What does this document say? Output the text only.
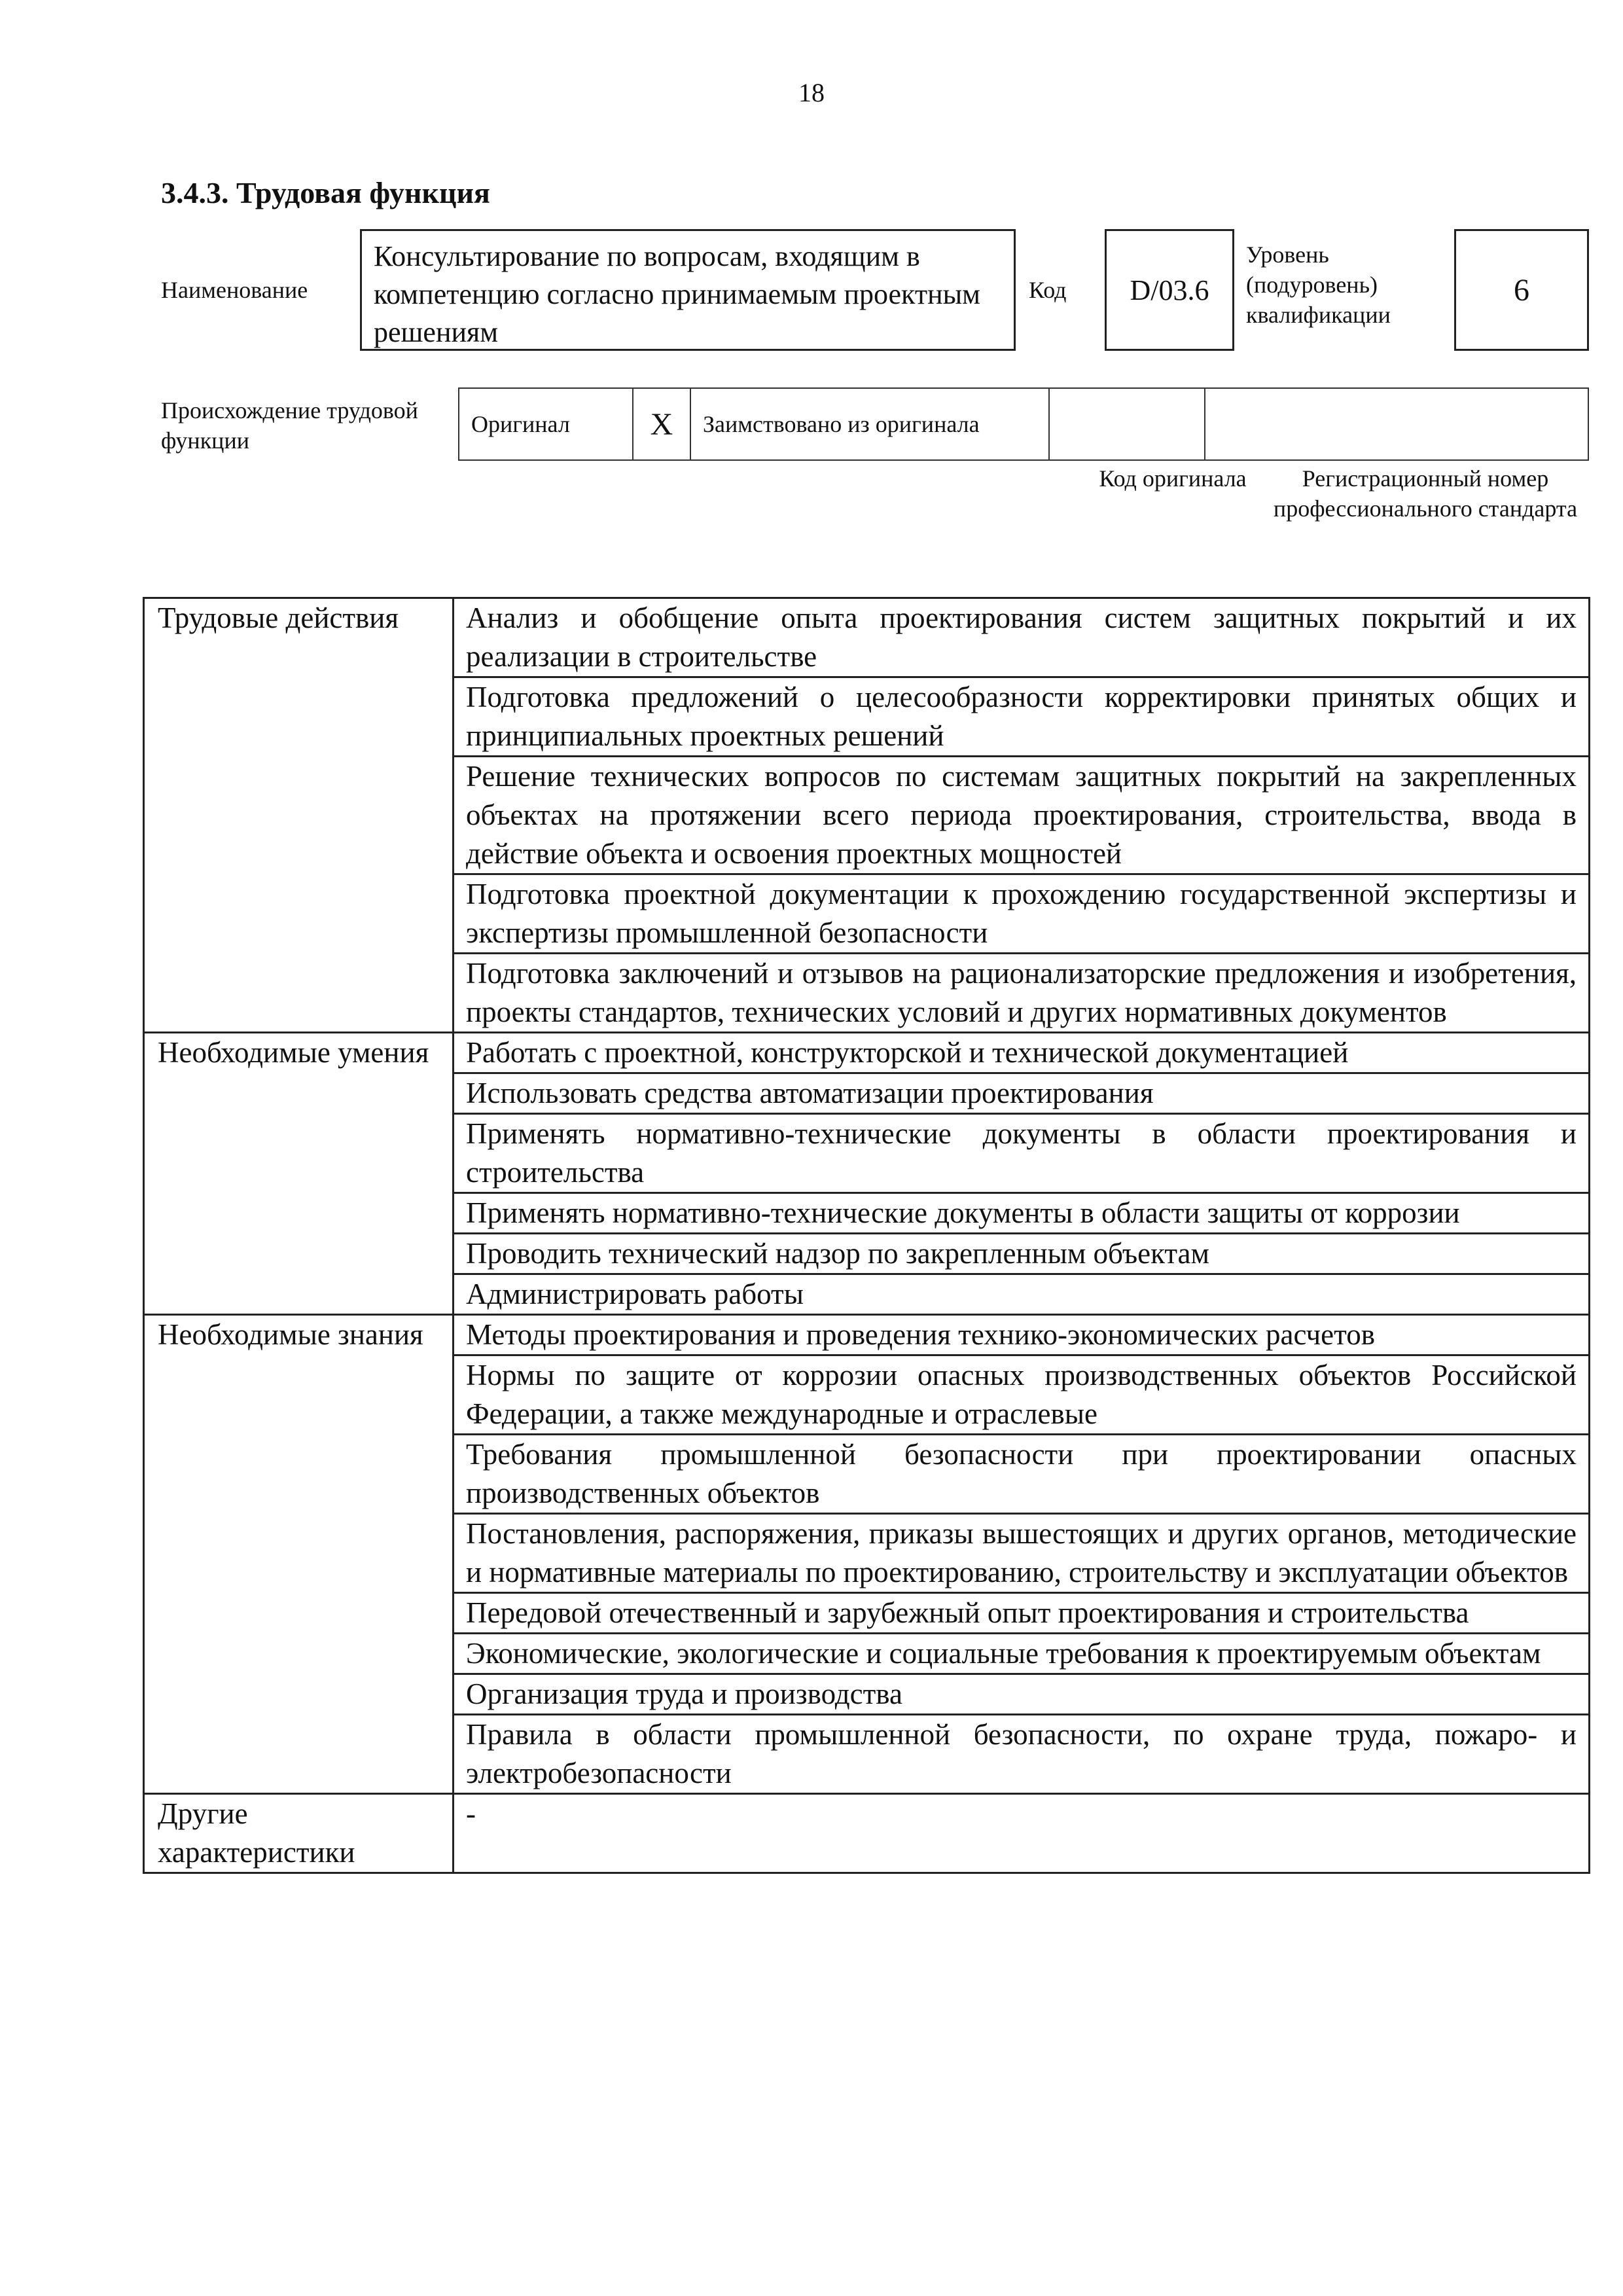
18
3.4.3. Трудовая функция
Наименование
Консультирование по вопросам, входящим в компетенцию согласно принимаемым проектным решениям
Код D/03.6
Уровень (подуровень) квалификации
6
Происхождение трудовой функции
Оригинал	X	Заимствовано из оригинала		
Код оригинала	Регистрационный номер профессионального стандарта
Трудовые действия	Анализ и обобщение опыта проектирования систем защитных покрытий и их реализации в строительстве
	Подготовка предложений о целесообразности корректировки принятых общих и принципиальных проектных решений
	Решение технических вопросов по системам защитных покрытий на закрепленных объектах на протяжении всего периода проектирования, строительства, ввода в действие объекта и освоения проектных мощностей
	Подготовка проектной документации к прохождению государственной экспертизы и экспертизы промышленной безопасности
	Подготовка заключений и отзывов на рационализаторские предложения и изобретения, проекты стандартов, технических условий и других нормативных документов
Необходимые умения	Работать с проектной, конструкторской и технической документацией
	Использовать средства автоматизации проектирования
	Применять нормативно-технические документы в области проектирования и строительства
	Применять нормативно-технические документы в области защиты от коррозии
	Проводить технический надзор по закрепленным объектам
	Администрировать работы
Необходимые знания	Методы проектирования и проведения технико-экономических расчетов
	Нормы по защите от коррозии опасных производственных объектов Российской Федерации, а также международные и отраслевые
	Требования промышленной безопасности при проектировании опасных производственных объектов
	Постановления, распоряжения, приказы вышестоящих и других органов, методические и нормативные материалы по проектированию, строительству и эксплуатации объектов
	Передовой отечественный и зарубежный опыт проектирования и строительства
	Экономические, экологические и социальные требования к проектируемым объектам
	Организация труда и производства
	Правила в области промышленной безопасности, по охране труда, пожаро- и электробезопасности
Другие характеристики	-
